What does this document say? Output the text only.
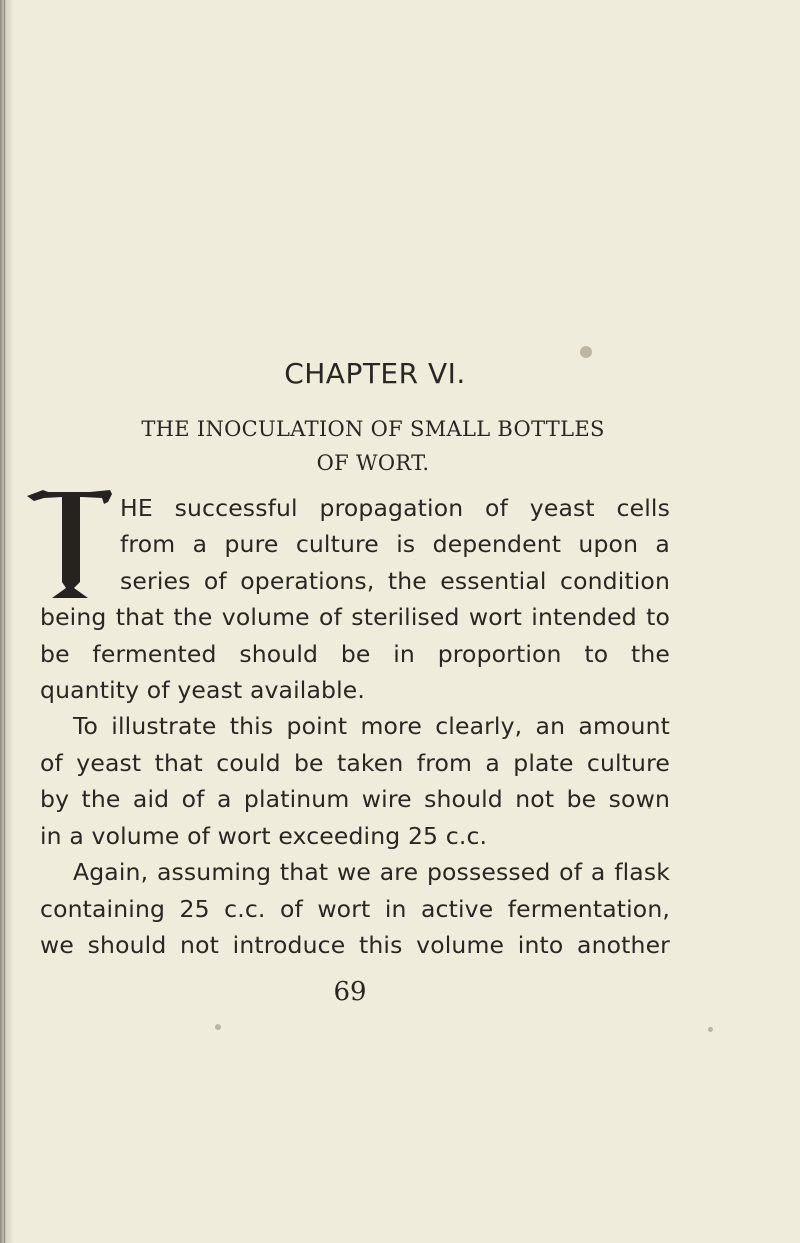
CHAPTER VI.
THE INOCULATION OF SMALL BOTTLES
OF WORT.

HE successful propagation of yeast cells

from a pure culture is dependent upon a

series of operations, the essential condition

being that the volume of sterilised wort intended to

be fermented should be in proportion to the

quantity of yeast available.

To illustrate this point more clearly, an amount

of yeast that could be taken from a plate culture

by the aid of a platinum wire should not be sown

in a volume of wort exceeding 25 c.c.

Again, assuming that we are possessed of a flask

containing 25 c.c. of wort in active fermentation,

we should not introduce this volume into another

69
